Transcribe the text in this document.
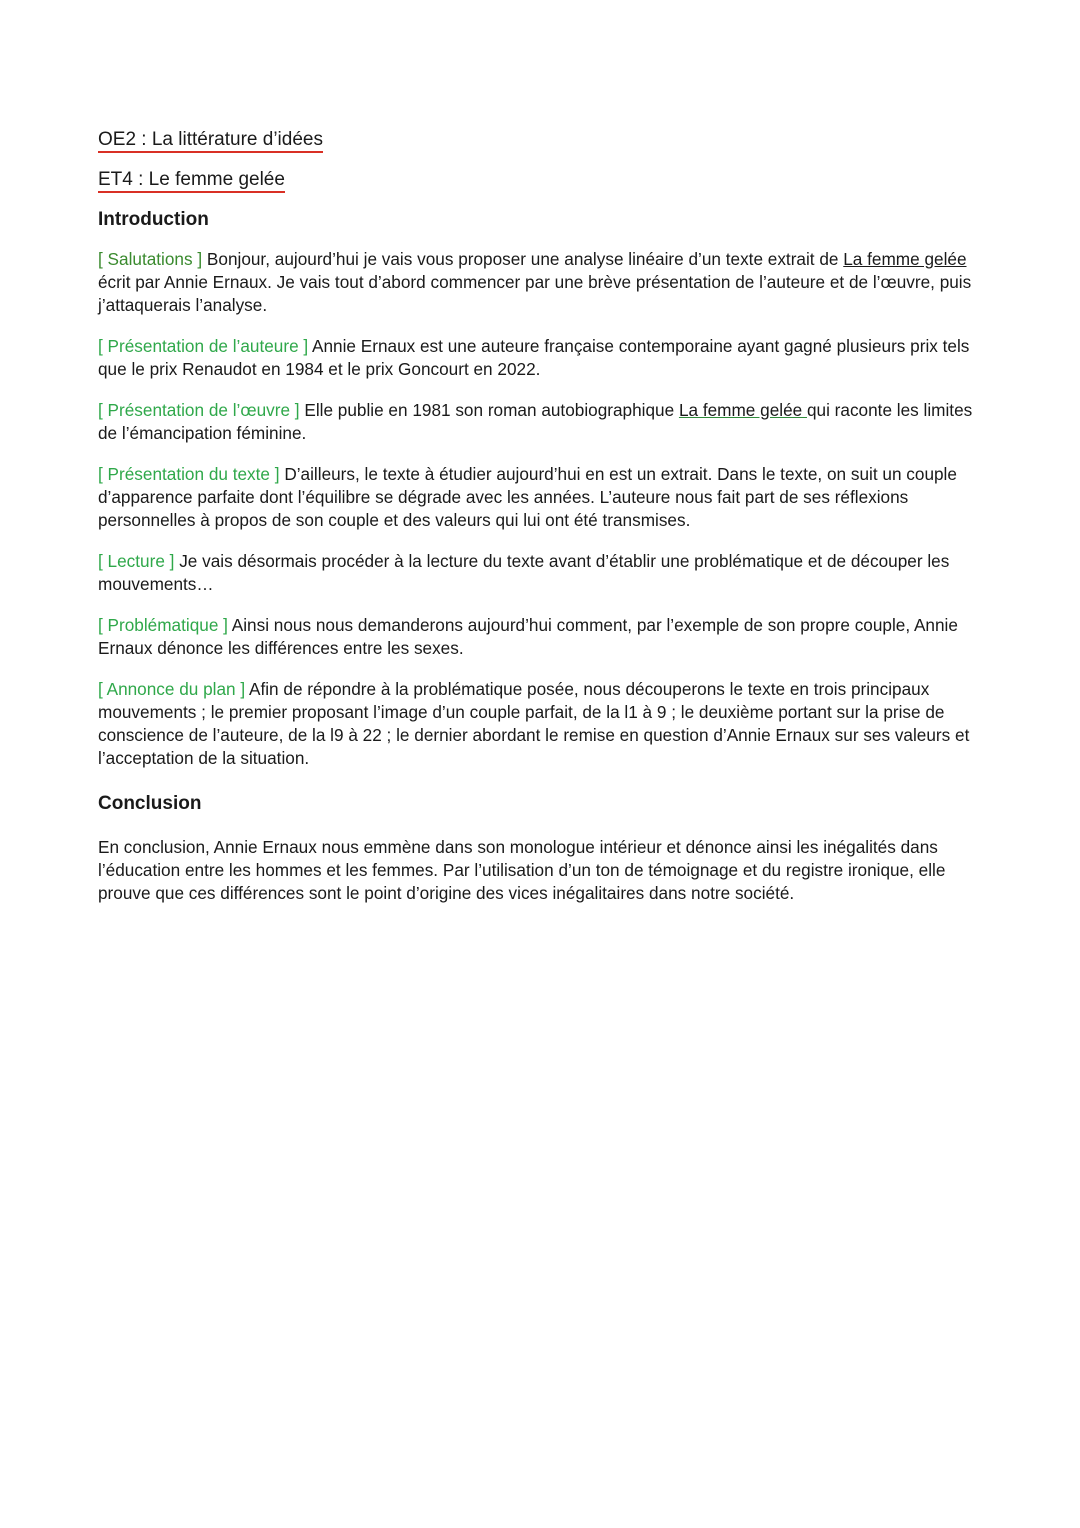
OE2 : La littérature d’idées
ET4 : Le femme gelée
Introduction

[ Salutations ] Bonjour, aujourd’hui je vais vous proposer une analyse linéaire d’un texte extrait de La femme gelée écrit par Annie Ernaux. Je vais tout d’abord commencer par une brève présentation de l’auteure et de l’œuvre, puis j’attaquerais l’analyse.

[ Présentation de l’auteure ] Annie Ernaux est une auteure française contemporaine ayant gagné plusieurs prix tels que le prix Renaudot en 1984 et le prix Goncourt en 2022.

[ Présentation de l’œuvre ] Elle publie en 1981 son roman autobiographique La femme gelée qui raconte les limites de l’émancipation féminine.

[ Présentation du texte ] D’ailleurs, le texte à étudier aujourd’hui en est un extrait. Dans le texte, on suit un couple d’apparence parfaite dont l’équilibre se dégrade avec les années. L’auteure nous fait part de ses réflexions personnelles à propos de son couple et des valeurs qui lui ont été transmises.

[ Lecture ] Je vais désormais procéder à la lecture du texte avant d’établir une problématique et de découper les mouvements…

[ Problématique ] Ainsi nous nous demanderons aujourd’hui comment, par l’exemple de son propre couple, Annie Ernaux dénonce les différences entre les sexes.

[ Annonce du plan ] Afin de répondre à la problématique posée, nous découperons le texte en trois principaux mouvements ; le premier proposant l’image d’un couple parfait, de la l1 à 9 ; le deuxième portant sur la prise de conscience de l’auteure, de la l9 à 22 ; le dernier abordant le remise en question d’Annie Ernaux sur ses valeurs et l’acceptation de la situation.

Conclusion

En conclusion, Annie Ernaux nous emmène dans son monologue intérieur et dénonce ainsi les inégalités dans l’éducation entre les hommes et les femmes. Par l’utilisation d’un ton de témoignage et du registre ironique, elle prouve que ces différences sont le point d’origine des vices inégalitaires dans notre société.
